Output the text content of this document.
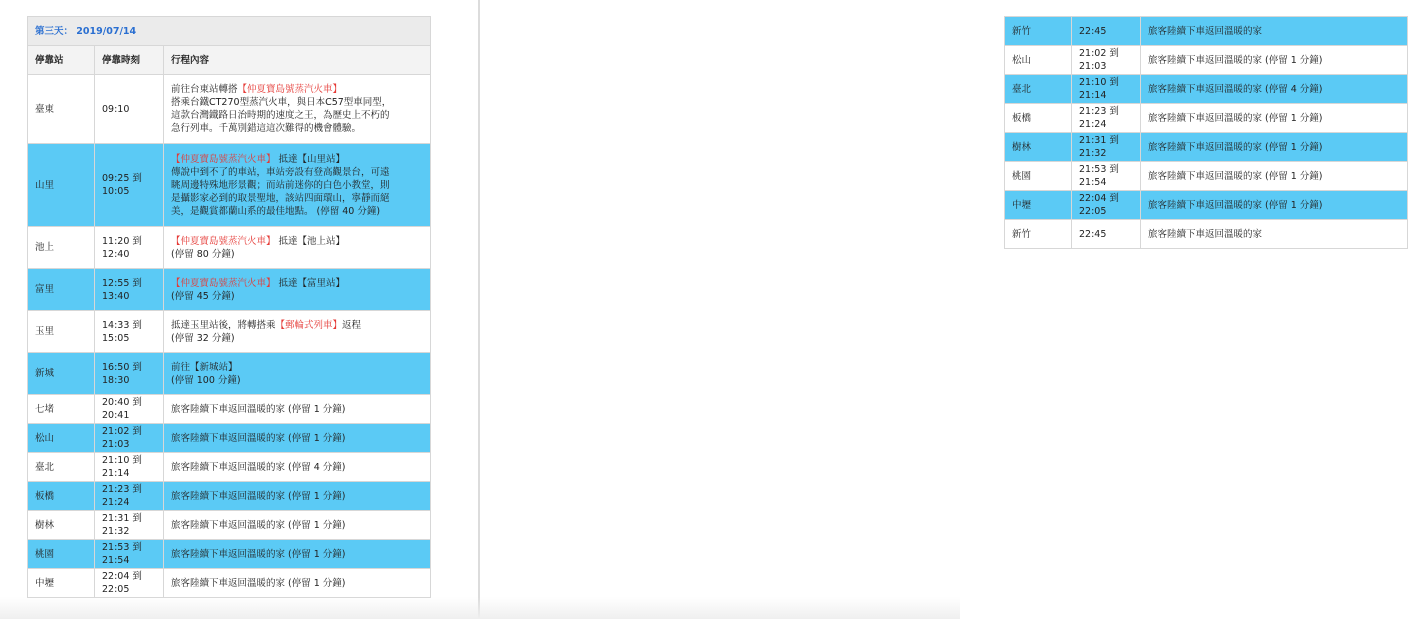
第三天： 2019/07/14		
停靠站	停靠時刻	行程內容
臺東	09:10	前往台東站轉搭【仲夏寶島號蒸汽火車】
搭乘台鐵CT270型蒸汽火車，與日本C57型車同型，
這款台灣鐵路日治時期的速度之王，為歷史上不朽的
急行列車。千萬別錯這這次難得的機會體驗。

山里	09:25 到 10:05	【仲夏寶島號蒸汽火車】 抵達【山里站】
傳說中到不了的車站，車站旁設有登高觀景台，可遠
眺周邊特殊地形景觀；而站前迷你的白色小教堂，則
是攝影家必到的取景聖地，該站四面環山，寧靜而絕
美，是觀賞都蘭山系的最佳地點。 (停留 40 分鐘)

池上	11:20 到 12:40	【仲夏寶島號蒸汽火車】 抵達【池上站】
(停留 80 分鐘)

富里	12:55 到 13:40	【仲夏寶島號蒸汽火車】 抵達【富里站】
(停留 45 分鐘)

玉里	14:33 到 15:05	抵達玉里站後，將轉搭乘【郵輪式列車】返程
(停留 32 分鐘)

新城	16:50 到 18:30	前往【新城站】
(停留 100 分鐘)

七堵	20:40 到 20:41	旅客陸續下車返回溫暖的家 (停留 1 分鐘)

松山	21:02 到 21:03	旅客陸續下車返回溫暖的家 (停留 1 分鐘)

臺北	21:10 到 21:14	旅客陸續下車返回溫暖的家 (停留 4 分鐘)

板橋	21:23 到 21:24	旅客陸續下車返回溫暖的家 (停留 1 分鐘)

樹林	21:31 到 21:32	旅客陸續下車返回溫暖的家 (停留 1 分鐘)

桃園	21:53 到 21:54	旅客陸續下車返回溫暖的家 (停留 1 分鐘)

中壢	22:04 到 22:05	旅客陸續下車返回溫暖的家 (停留 1 分鐘)
新竹	22:45	旅客陸續下車返回溫暖的家

松山	21:02 到 21:03	旅客陸續下車返回溫暖的家 (停留 1 分鐘)

臺北	21:10 到 21:14	旅客陸續下車返回溫暖的家 (停留 4 分鐘)

板橋	21:23 到 21:24	旅客陸續下車返回溫暖的家 (停留 1 分鐘)

樹林	21:31 到 21:32	旅客陸續下車返回溫暖的家 (停留 1 分鐘)

桃園	21:53 到 21:54	旅客陸續下車返回溫暖的家 (停留 1 分鐘)

中壢	22:04 到 22:05	旅客陸續下車返回溫暖的家 (停留 1 分鐘)

新竹	22:45	旅客陸續下車返回溫暖的家
